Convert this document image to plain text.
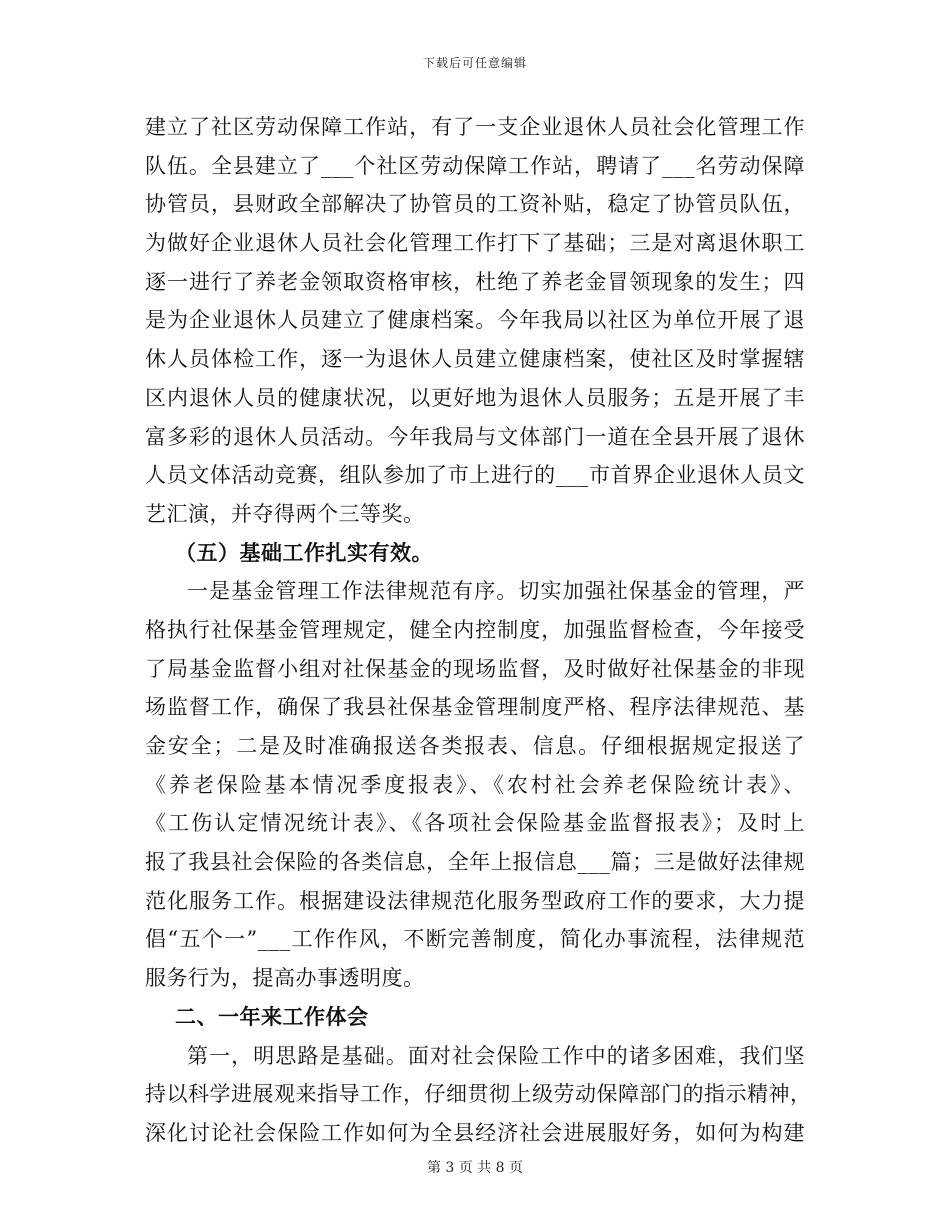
下载后可任意编辑
建立了社区劳动保障工作站，有了一支企业退休人员社会化管理工作
队伍。全县建立了___个社区劳动保障工作站，聘请了___名劳动保障
协管员，县财政全部解决了协管员的工资补贴，稳定了协管员队伍，
为做好企业退休人员社会化管理工作打下了基础；三是对离退休职工
逐一进行了养老金领取资格审核，杜绝了养老金冒领现象的发生；四
是为企业退休人员建立了健康档案。今年我局以社区为单位开展了退
休人员体检工作，逐一为退休人员建立健康档案，使社区及时掌握辖
区内退休人员的健康状况，以更好地为退休人员服务；五是开展了丰
富多彩的退休人员活动。今年我局与文体部门一道在全县开展了退休
人员文体活动竞赛，组队参加了市上进行的___市首界企业退休人员文
艺汇演，并夺得两个三等奖。
（五）基础工作扎实有效。
一是基金管理工作法律规范有序。切实加强社保基金的管理，严
格执行社保基金管理规定，健全内控制度，加强监督检查，今年接受
了局基金监督小组对社保基金的现场监督，及时做好社保基金的非现
场监督工作，确保了我县社保基金管理制度严格、程序法律规范、基
金安全；二是及时准确报送各类报表、信息。仔细根据规定报送了
《养老保险基本情况季度报表》、《农村社会养老保险统计表》、
《工伤认定情况统计表》、《各项社会保险基金监督报表》；及时上
报了我县社会保险的各类信息，全年上报信息___篇；三是做好法律规
范化服务工作。根据建设法律规范化服务型政府工作的要求，大力提
倡“五个一”___工作作风，不断完善制度，简化办事流程，法律规范
服务行为，提高办事透明度。
二、一年来工作体会
第一，明思路是基础。面对社会保险工作中的诸多困难，我们坚
持以科学进展观来指导工作，仔细贯彻上级劳动保障部门的指示精神，
深化讨论社会保险工作如何为全县经济社会进展服好务，如何为构建
第 3 页 共 8 页
